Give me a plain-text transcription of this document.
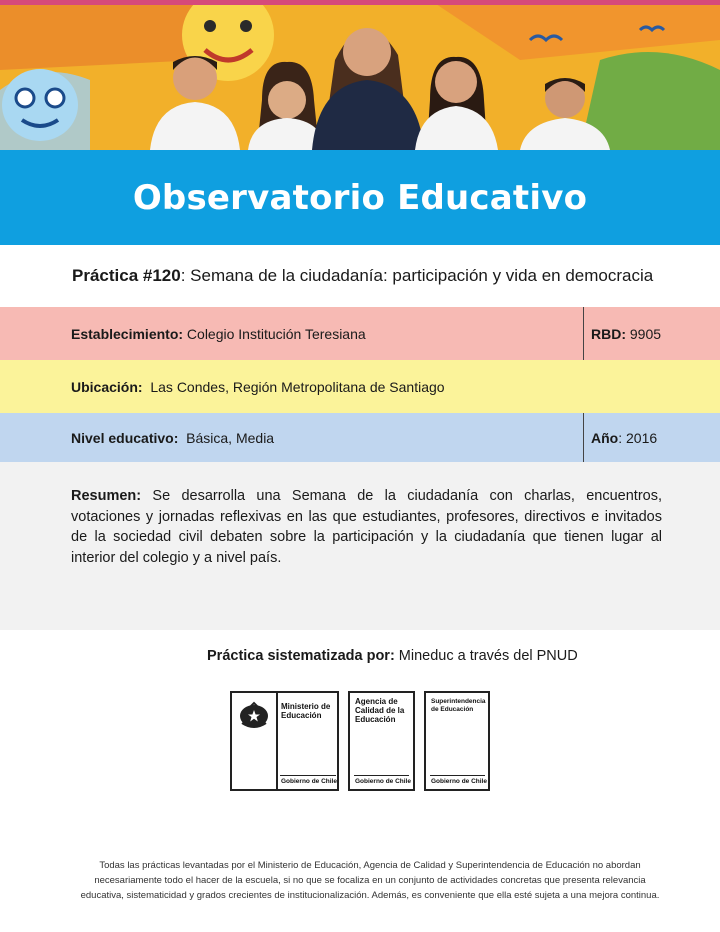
Observatorio Educativo
Práctica #120 : Semana de la ciudadanía: participación y vida en democracia
Establecimiento: Colegio Institución Teresiana	RBD: 9905
Ubicación: Las Condes, Región Metropolitana de Santiago
Nivel educativo: Básica, Media	Año : 2016

Resumen: Se desarrolla una Semana de la ciudadanía con charlas, encuentros, votaciones y jornadas reflexivas en las que estudiantes, profesores, directivos e invitados de la sociedad civil debaten sobre la participación y la ciudadanía que tienen lugar al interior del colegio y a nivel país.

Práctica sistematizada por: Mineduc a través del PNUD
Ministerio de
Educación
Gobierno de Chile
Agencia de
Calidad de la
Educación
Gobierno de Chile
Superintendencia
de Educación
Gobierno de Chile
Todas las prácticas levantadas por el Ministerio de Educación, Agencia de Calidad y Superintendencia de Educación no abordan
necesariamente todo el hacer de la escuela, si no que se focaliza en un conjunto de actividades concretas que presenta relevancia
educativa, sistematicidad y grados crecientes de institucionalización. Además, es conveniente que ella esté sujeta a una mejora continua.
